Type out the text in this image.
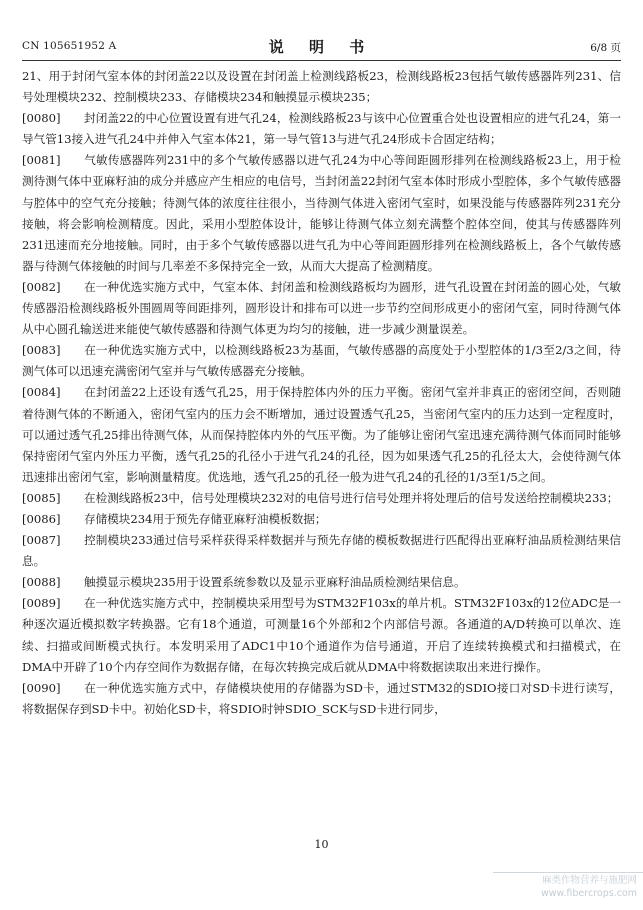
CN 105651952 A	说 明 书	6/8 页

21、用于封闭气室本体的封闭盖22以及设置在封闭盖上检测线路板23，检测线路板23包括气敏传感器阵列231、信号处理模块232、控制模块233、存储模块234和触摸显示模块235；

[0080] 封闭盖22的中心位置设置有进气孔24，检测线路板23与该中心位置重合处也设置相应的进气孔24，第一导气管13接入进气孔24中并伸入气室本体21，第一导气管13与进气孔24形成卡合固定结构；

[0081] 气敏传感器阵列231中的多个气敏传感器以进气孔24为中心等间距圆形排列在检测线路板23上，用于检测待测气体中亚麻籽油的成分并感应产生相应的电信号，当封闭盖22封闭气室本体时形成小型腔体，多个气敏传感器与腔体中的空气充分接触；待测气体的浓度往往很小，当待测气体进入密闭气室时，如果没能与传感器阵列231充分接触，将会影响检测精度。因此，采用小型腔体设计，能够让待测气体立刻充满整个腔体空间，使其与传感器阵列231迅速而充分地接触。同时，由于多个气敏传感器以进气孔为中心等间距圆形排列在检测线路板上，各个气敏传感器与待测气体接触的时间与几率差不多保持完全一致，从而大大提高了检测精度。

[0082] 在一种优选实施方式中，气室本体、封闭盖和检测线路板均为圆形，进气孔设置在封闭盖的圆心处，气敏传感器沿检测线路板外围圆周等间距排列，圆形设计和排布可以进一步节约空间形成更小的密闭气室，同时待测气体从中心圆孔输送进来能使气敏传感器和待测气体更为均匀的接触，进一步减少测量误差。

[0083] 在一种优选实施方式中，以检测线路板23为基面，气敏传感器的高度处于小型腔体的1/3至2/3之间，待测气体可以迅速充满密闭气室并与气敏传感器充分接触。

[0084] 在封闭盖22上还设有透气孔25，用于保持腔体内外的压力平衡。密闭气室并非真正的密闭空间，否则随着待测气体的不断通入，密闭气室内的压力会不断增加，通过设置透气孔25，当密闭气室内的压力达到一定程度时，可以通过透气孔25排出待测气体，从而保持腔体内外的气压平衡。为了能够让密闭气室迅速充满待测气体而同时能够保持密闭气室内外压力平衡，透气孔25的孔径小于进气孔24的孔径，因为如果透气孔25的孔径太大，会使待测气体迅速排出密闭气室，影响测量精度。优选地，透气孔25的孔径一般为进气孔24的孔径的1/3至1/5之间。

[0085] 在检测线路板23中，信号处理模块232对的电信号进行信号处理并将处理后的信号发送给控制模块233；

[0086] 存储模块234用于预先存储亚麻籽油模板数据；

[0087] 控制模块233通过信号采样获得采样数据并与预先存储的模板数据进行匹配得出亚麻籽油品质检测结果信息。

[0088] 触摸显示模块235用于设置系统参数以及显示亚麻籽油品质检测结果信息。

[0089] 在一种优选实施方式中，控制模块采用型号为STM32F103x的单片机。STM32F103x的12位ADC是一种逐次逼近模拟数字转换器。它有18个通道，可测量16个外部和2个内部信号源。各通道的A/D转换可以单次、连续、扫描或间断模式执行。本发明采用了ADC1中10个通道作为信号通道，开启了连续转换模式和扫描模式，在DMA中开辟了10个内存空间作为数据存储，在每次转换完成后就从DMA中将数据读取出来进行操作。

[0090] 在一种优选实施方式中，存储模块使用的存储器为SD卡，通过STM32的SDIO接口对SD卡进行读写，将数据保存到SD卡中。初始化SD卡，将SDIO时钟SDIO_SCK与SD卡进行同步，

10
麻类作物营养与施肥网
www.fibercrops.com
